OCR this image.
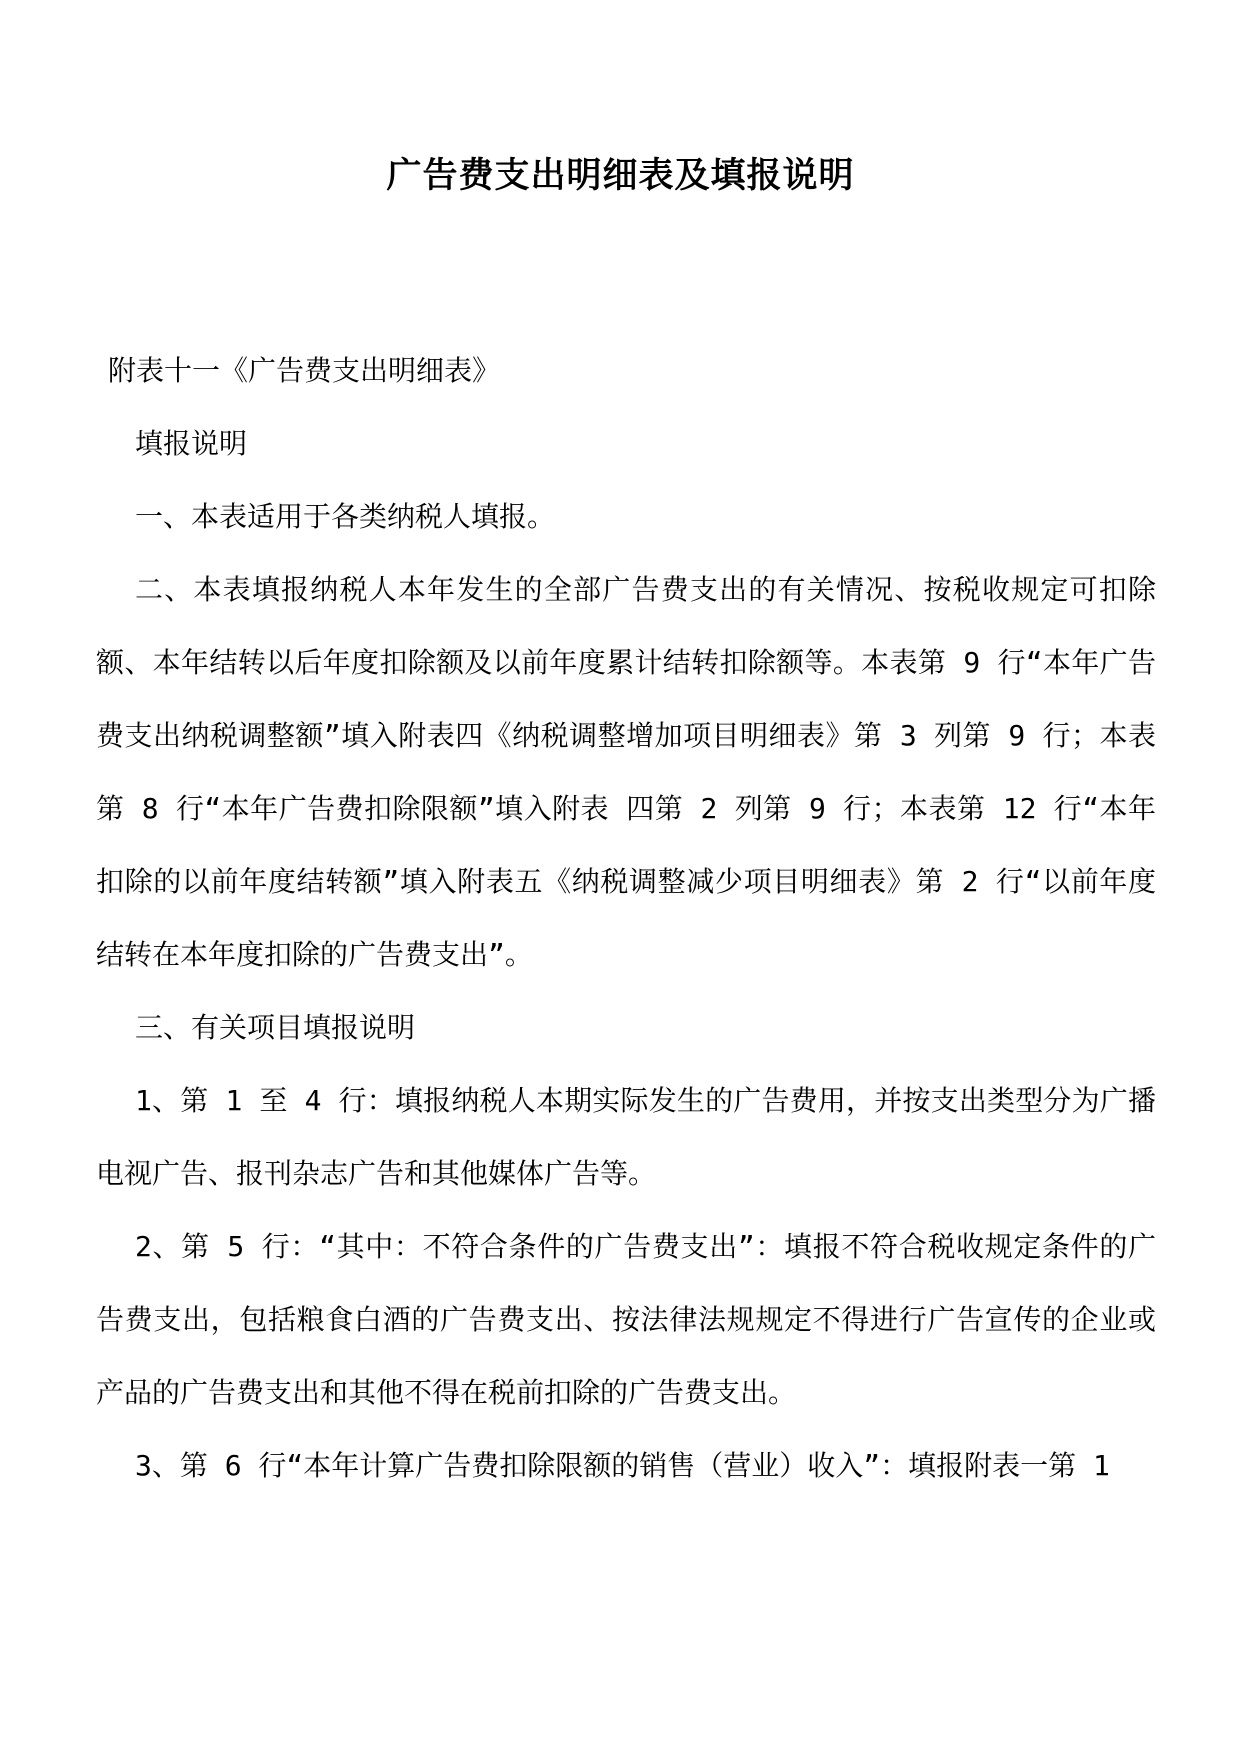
广告费支出明细表及填报说明

附表十一《广告费支出明细表》

填报说明

一、本表适用于各类纳税人填报。

二、本表填报纳税人本年发生的全部广告费支出的有关情况、按税收规定可扣除额、本年结转以后年度扣除额及以前年度累计结转扣除额等。本表第 9 行“本年广告费支出纳税调整额”填入附表四《纳税调整增加项目明细表》第 3 列第 9 行；本表第 8 行“本年广告费扣除限额”填入附表 四第 2 列第 9 行；本表第 12 行“本年扣除的以前年度结转额”填入附表五《纳税调整减少项目明细表》第 2 行“以前年度结转在本年度扣除的广告费支出”。

三、有关项目填报说明

1、第 1 至 4 行：填报纳税人本期实际发生的广告费用，并按支出类型分为广播电视广告、报刊杂志广告和其他媒体广告等。

2、第 5 行：“其中：不符合条件的广告费支出”：填报不符合税收规定条件的广告费支出，包括粮食白酒的广告费支出、按法律法规规定不得进行广告宣传的企业或产品的广告费支出和其他不得在税前扣除的广告费支出。

3、第 6 行“本年计算广告费扣除限额的销售（营业）收入”：填报附表一第 1
